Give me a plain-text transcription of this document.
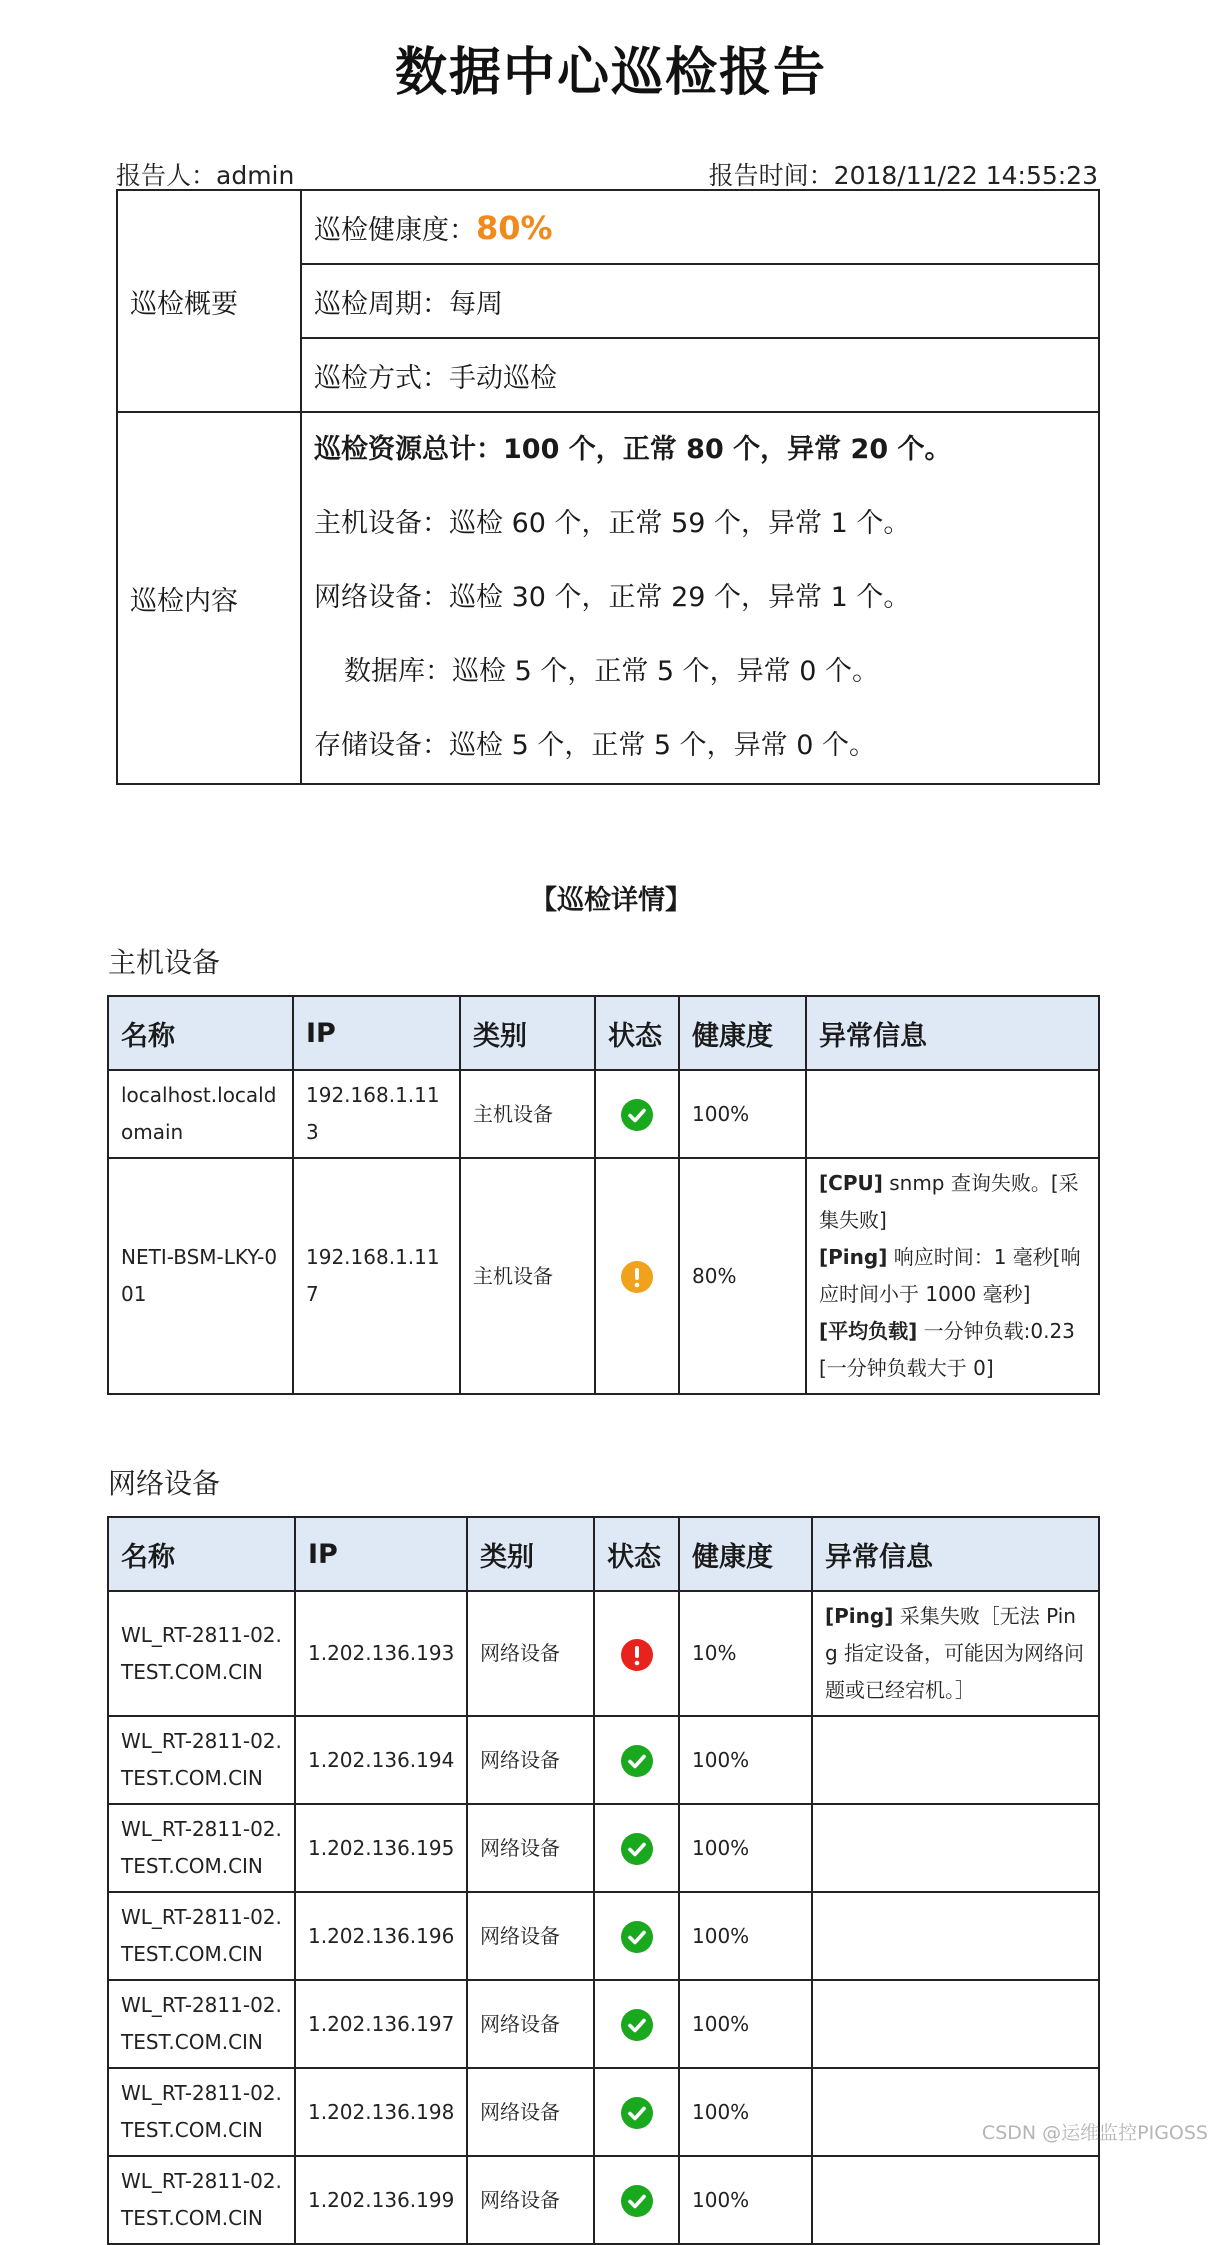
数据中心巡检报告
报告人：admin	报告时间：2018/11/22 14:55:23
巡检概要	巡检健康度：80%
	巡检周期：每周
	巡检方式：手动巡检
巡检内容	巡检资源总计：100 个，正常 80 个，异常 20 个。
主机设备：巡检 60 个，正常 59 个，异常 1 个。
网络设备：巡检 30 个，正常 29 个，异常 1 个。
数据库：巡检 5 个，正常 5 个，异常 0 个。
存储设备：巡检 5 个，正常 5 个，异常 0 个。
【巡检详情】
主机设备
名称	IP	类别	状态	健康度	异常信息
localhost.localdomain	192.168.1.113	主机设备		100%	
NETI-BSM-LKY-001	192.168.1.117	主机设备		80%	[CPU] snmp 查询失败。[采集失败]
[Ping] 响应时间：1 毫秒[响应时间小于 1000 毫秒]
[平均负载] 一分钟负载:0.23[一分钟负载大于 0]
网络设备
名称	IP	类别	状态	健康度	异常信息
WL_RT-2811-02.TEST.COM.CIN	1.202.136.193	网络设备		10%	[Ping] 采集失败［无法 Ping 指定设备，可能因为网络问题或已经宕机。］
WL_RT-2811-02.TEST.COM.CIN	1.202.136.194	网络设备		100%	
WL_RT-2811-02.TEST.COM.CIN	1.202.136.195	网络设备		100%	
WL_RT-2811-02.TEST.COM.CIN	1.202.136.196	网络设备		100%	
WL_RT-2811-02.TEST.COM.CIN	1.202.136.197	网络设备		100%	
WL_RT-2811-02.TEST.COM.CIN	1.202.136.198	网络设备		100%	
WL_RT-2811-02.TEST.COM.CIN	1.202.136.199	网络设备		100%	
CSDN @运维监控PIGOSS
